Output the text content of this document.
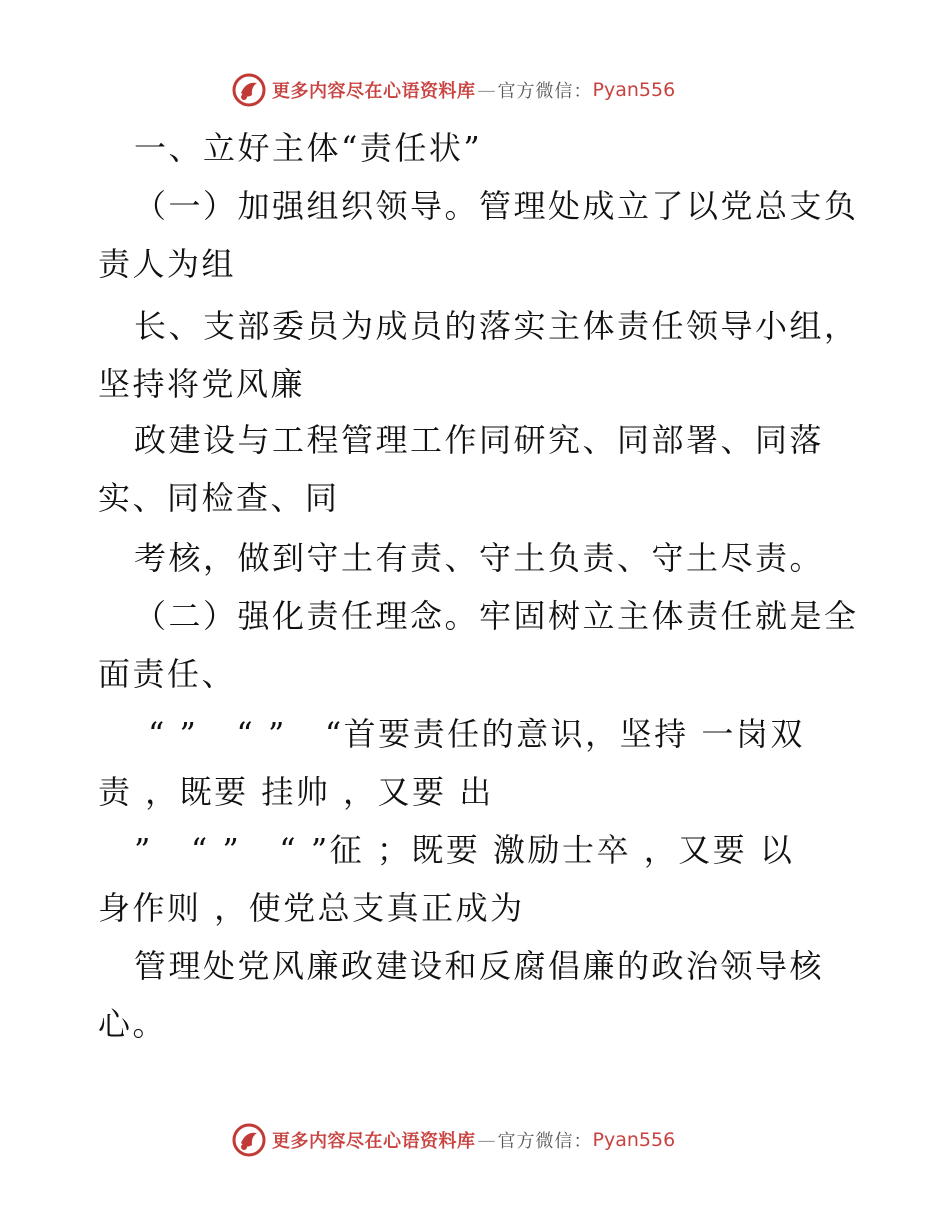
更多内容尽在心语资料库 — 官方微信： Pyan556
一、立好主体“责任状”
（一）加强组织领导。管理处成立了以党总支负
责人为组
长、支部委员为成员的落实主体责任领导小组，
坚持将党风廉
政建设与工程管理工作同研究、同部署、同落
实、同检查、同
考核，做到守土有责、守土负责、守土尽责。
（二）强化责任理念。牢固树立主体责任就是全
面责任、
“ ”   “ ”   “首要责任的意识，坚持 一岗双
责 ，既要 挂帅 ，又要 出
”   “ ”   “ ”征 ；既要 激励士卒 ，又要 以
身作则 ，使党总支真正成为
管理处党风廉政建设和反腐倡廉的政治领导核
心。
更多内容尽在心语资料库 — 官方微信： Pyan556
